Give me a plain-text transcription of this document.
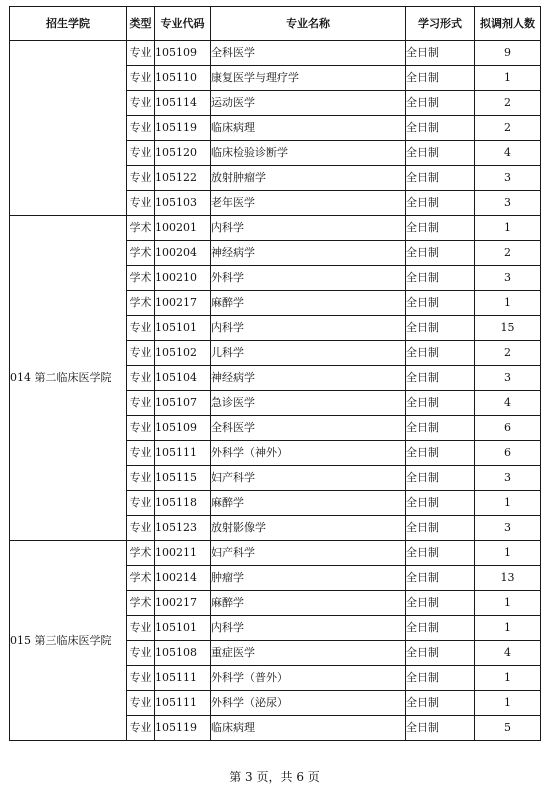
招生学院	类型	专业代码	专业名称	学习形式	拟调剂人数
	专业	105109	全科医学	全日制	9
	专业	105110	康复医学与理疗学	全日制	1
	专业	105114	运动医学	全日制	2
	专业	105119	临床病理	全日制	2
	专业	105120	临床检验诊断学	全日制	4
	专业	105122	放射肿瘤学	全日制	3
	专业	105103	老年医学	全日制	3
014 第二临床医学院	学术	100201	内科学	全日制	1
	学术	100204	神经病学	全日制	2
	学术	100210	外科学	全日制	3
	学术	100217	麻醉学	全日制	1
	专业	105101	内科学	全日制	15
	专业	105102	儿科学	全日制	2
	专业	105104	神经病学	全日制	3
	专业	105107	急诊医学	全日制	4
	专业	105109	全科医学	全日制	6
	专业	105111	外科学（神外）	全日制	6
	专业	105115	妇产科学	全日制	3
	专业	105118	麻醉学	全日制	1
	专业	105123	放射影像学	全日制	3
015 第三临床医学院	学术	100211	妇产科学	全日制	1
	学术	100214	肿瘤学	全日制	13
	学术	100217	麻醉学	全日制	1
	专业	105101	内科学	全日制	1
	专业	105108	重症医学	全日制	4
	专业	105111	外科学（普外）	全日制	1
	专业	105111	外科学（泌尿）	全日制	1
	专业	105119	临床病理	全日制	5
第 3 页，共 6 页
